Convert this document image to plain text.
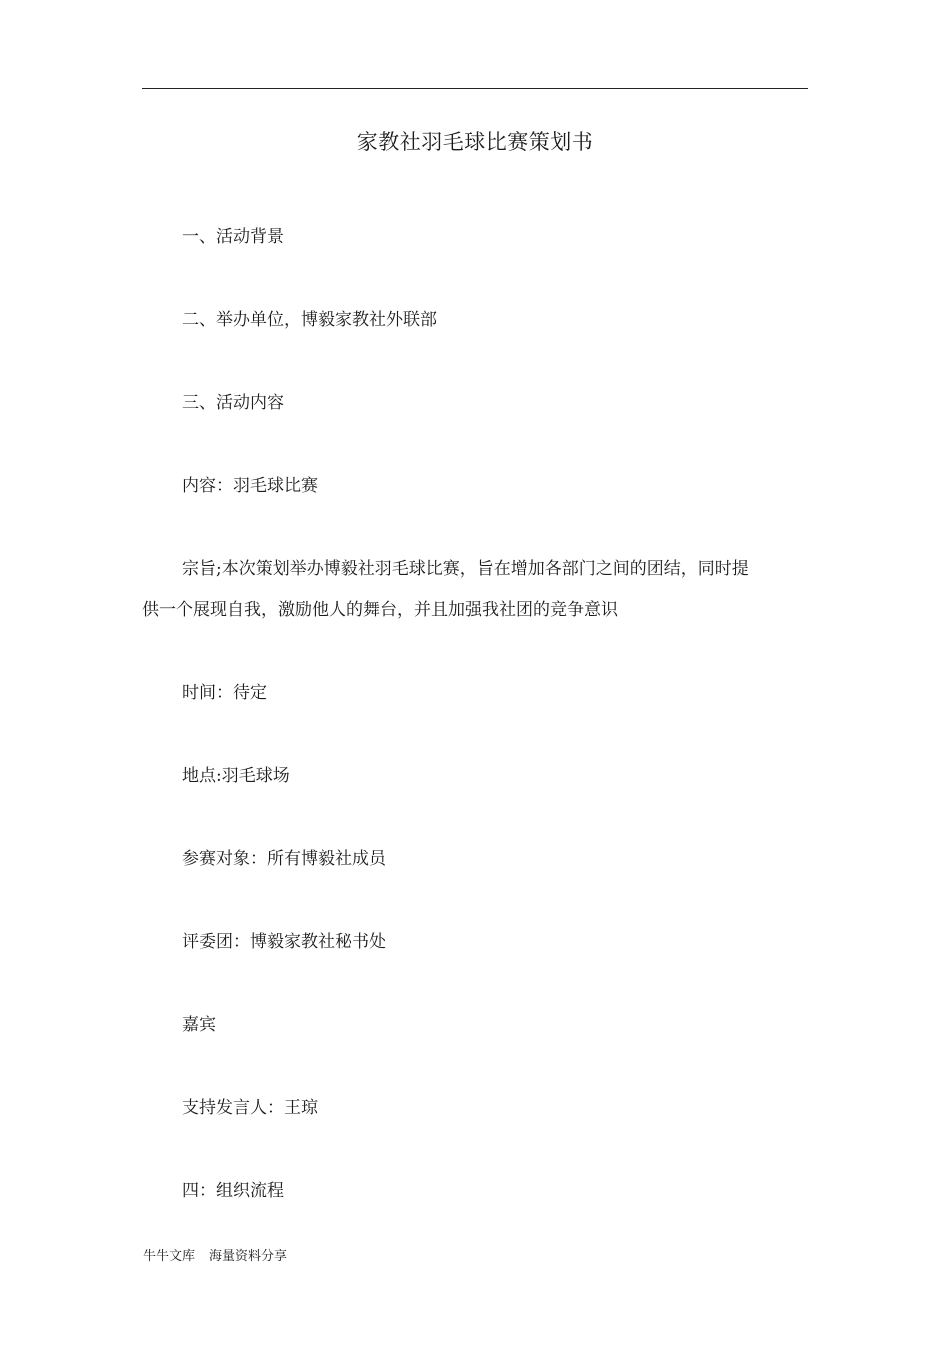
家教社羽毛球比赛策划书

一、活动背景

二、举办单位，博毅家教社外联部

三、活动内容

内容：羽毛球比赛

宗旨;本次策划举办博毅社羽毛球比赛，旨在增加各部门之间的团结，同时提供一个展现自我，激励他人的舞台，并且加强我社团的竞争意识

时间：待定

地点:羽毛球场

参赛对象：所有博毅社成员

评委团：博毅家教社秘书处

嘉宾

支持发言人：王琼

四：组织流程

牛牛文库 海量资料分享
